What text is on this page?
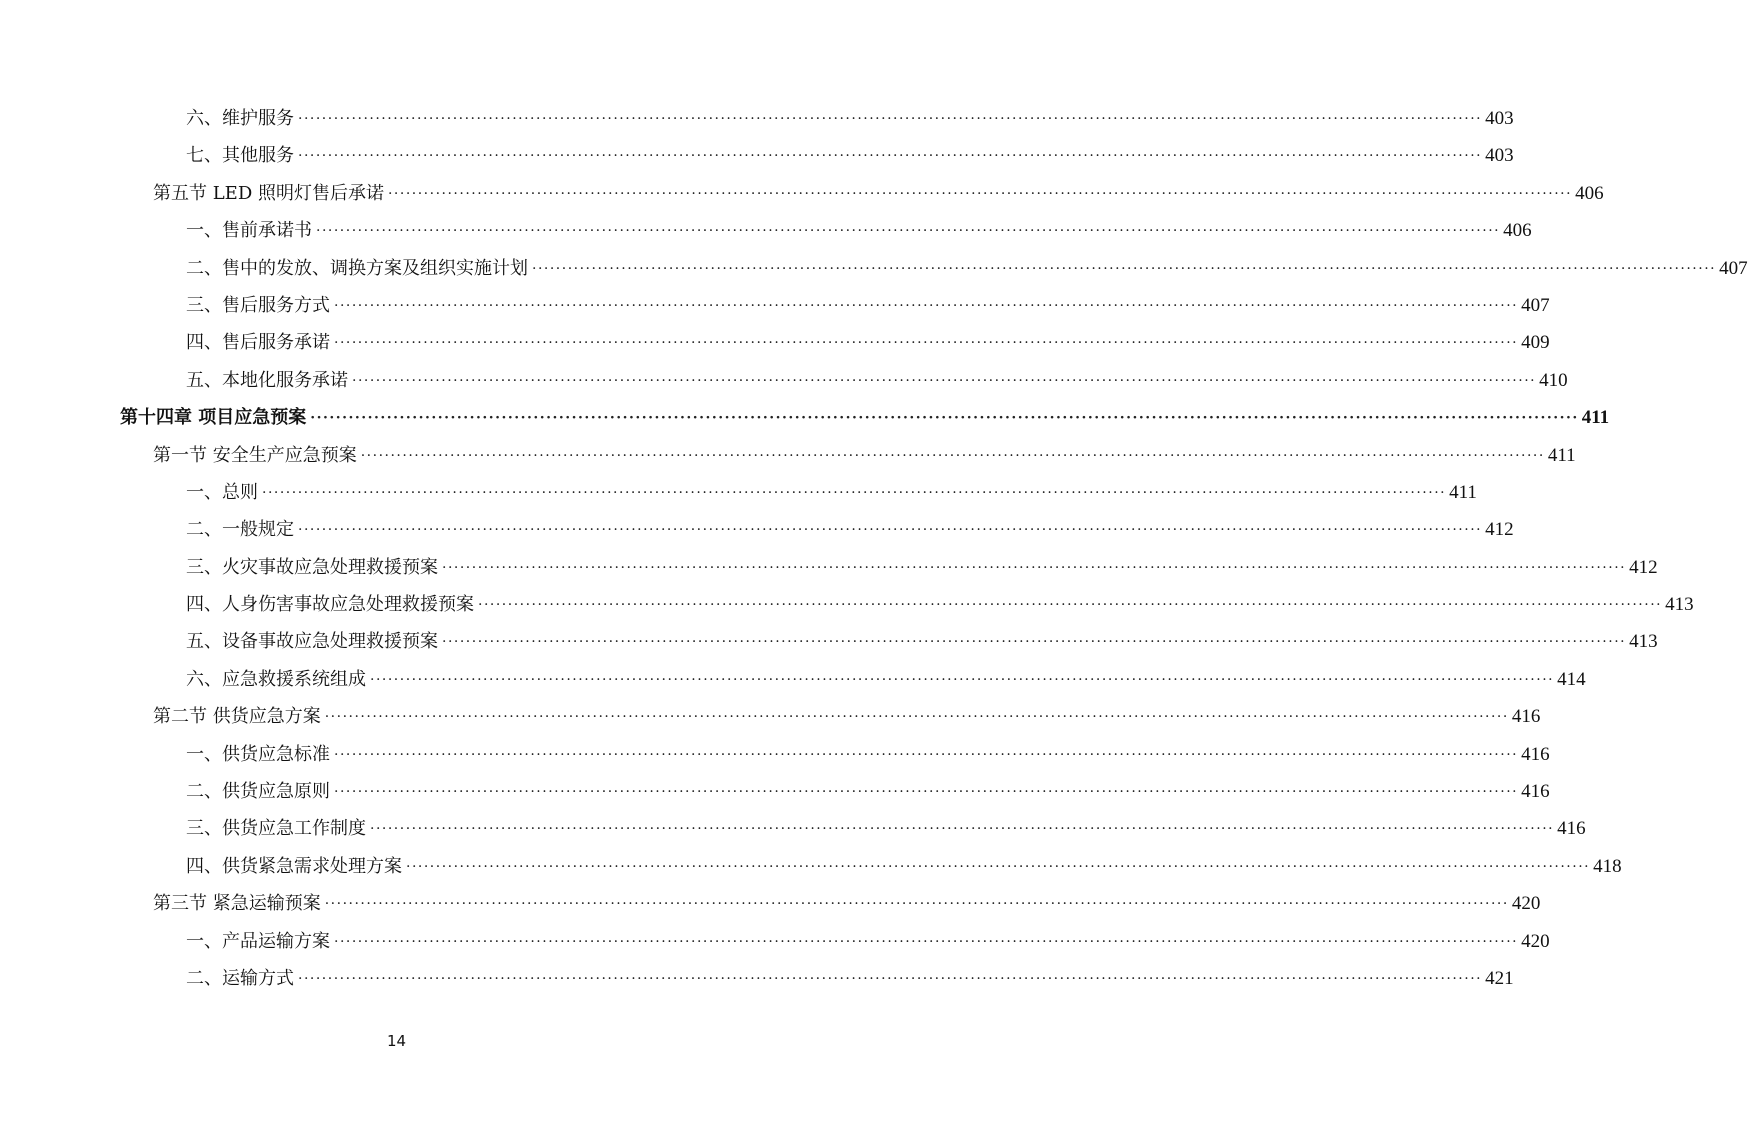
六、维护服务 ······································································································································································································· 403
七、其他服务 ······································································································································································································· 403
第五节 LED 照明灯售后承诺 ······································································································································································································· 406
一、售前承诺书 ······································································································································································································· 406
二、售中的发放、调换方案及组织实施计划 ······································································································································································································· 407
三、售后服务方式 ······································································································································································································· 407
四、售后服务承诺 ······································································································································································································· 409
五、本地化服务承诺 ······································································································································································································· 410
第十四章 项目应急预案 ······································································································································································································· 411
第一节 安全生产应急预案 ······································································································································································································· 411
一、总则 ······································································································································································································· 411
二、一般规定 ······································································································································································································· 412
三、火灾事故应急处理救援预案 ······································································································································································································· 412
四、人身伤害事故应急处理救援预案 ······································································································································································································· 413
五、设备事故应急处理救援预案 ······································································································································································································· 413
六、应急救援系统组成 ······································································································································································································· 414
第二节 供货应急方案 ······································································································································································································· 416
一、供货应急标准 ······································································································································································································· 416
二、供货应急原则 ······································································································································································································· 416
三、供货应急工作制度 ······································································································································································································· 416
四、供货紧急需求处理方案 ······································································································································································································· 418
第三节 紧急运输预案 ······································································································································································································· 420
一、产品运输方案 ······································································································································································································· 420
二、运输方式 ······································································································································································································· 421
14
